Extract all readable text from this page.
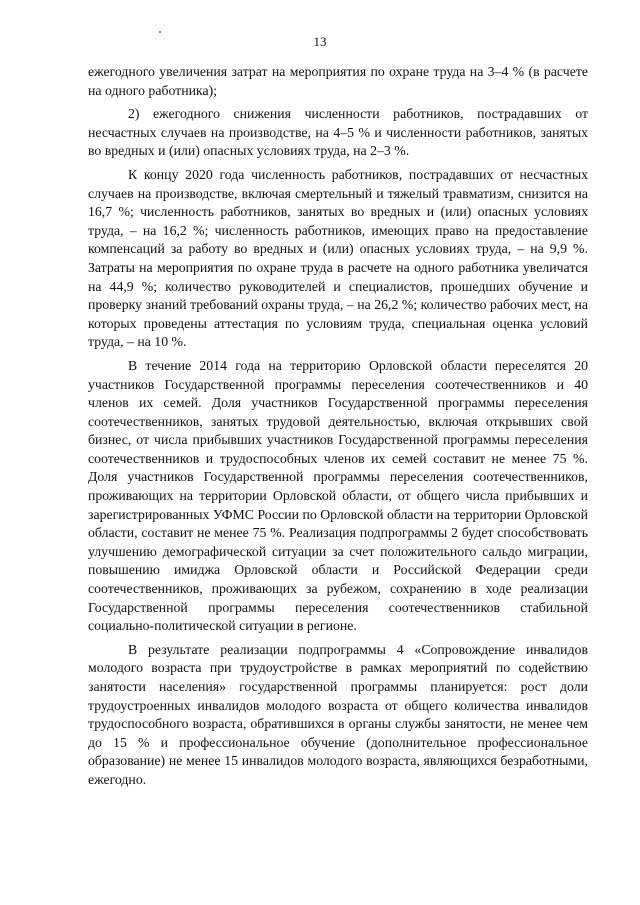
13

ежегодного увеличения затрат на мероприятия по охране труда на 3–4 % (в расчете на одного работника);

2) ежегодного снижения численности работников, пострадавших от несчастных случаев на производстве, на 4–5 % и численности работников, занятых во вредных и (или) опасных условиях труда, на 2–3 %.

К концу 2020 года численность работников, пострадавших от несчастных случаев на производстве, включая смертельный и тяжелый травматизм, снизится на 16,7 %; численность работников, занятых во вредных и (или) опасных условиях труда, – на 16,2 %; численность работников, имеющих право на предоставление компенсаций за работу во вредных и (или) опасных условиях труда, – на 9,9 %. Затраты на мероприятия по охране труда в расчете на одного работника увеличатся на 44,9 %; количество руководителей и специалистов, прошедших обучение и проверку знаний требований охраны труда, – на 26,2 %; количество рабочих мест, на которых проведены аттестация по условиям труда, специальная оценка условий труда, – на 10 %.

В течение 2014 года на территорию Орловской области переселятся 20 участников Государственной программы переселения соотечественников и 40 членов их семей. Доля участников Государственной программы переселения соотечественников, занятых трудовой деятельностью, включая открывших свой бизнес, от числа прибывших участников Государственной программы переселения соотечественников и трудоспособных членов их семей составит не менее 75 %. Доля участников Государственной программы переселения соотечественников, проживающих на территории Орловской области, от общего числа прибывших и зарегистрированных УФМС России по Орловской области на территории Орловской области, составит не менее 75 %. Реализация подпрограммы 2 будет способствовать улучшению демографической ситуации за счет положительного сальдо миграции, повышению имиджа Орловской области и Российской Федерации среди соотечественников, проживающих за рубежом, сохранению в ходе реализации Государственной программы переселения соотечественников стабильной социально-политической ситуации в регионе.

В результате реализации подпрограммы 4 «Сопровождение инвалидов молодого возраста при трудоустройстве в рамках мероприятий по содействию занятости населения» государственной программы планируется: рост доли трудоустроенных инвалидов молодого возраста от общего количества инвалидов трудоспособного возраста, обратившихся в органы службы занятости, не менее чем до 15 % и профессиональное обучение (дополнительное профессиональное образование) не менее 15 инвалидов молодого возраста, являющихся безработными, ежегодно.
